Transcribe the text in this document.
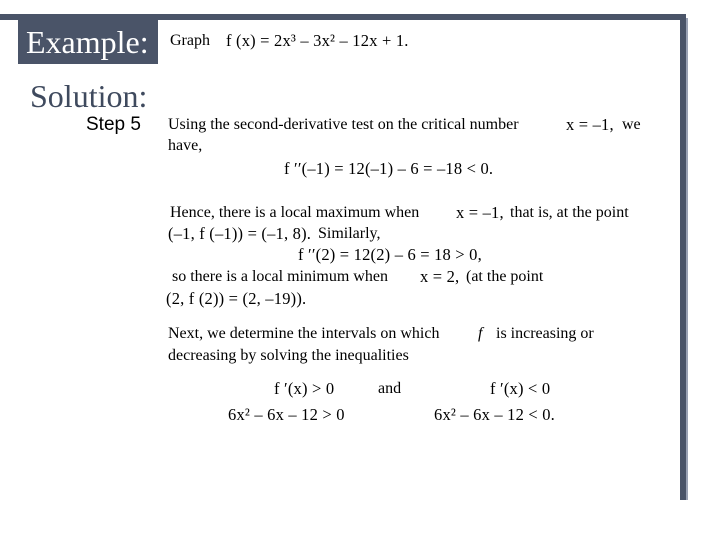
Example: Graph f (x) = 2x³ – 3x² – 12x + 1.
Solution:
Step 5 Using the second-derivative test on the critical number	x = –1, we
have,
f ′′(–1) = 12(–1) – 6 = –18 < 0.
Hence, there is a local maximum when x = –1, that is, at the point
(–1, f (–1)) = (–1, 8). Similarly,
f ′′(2) = 12(2) – 6 = 18 > 0,
so there is a local minimum when x = 2, (at the point
(2, f (2)) = (2, –19)).
Next, we determine the intervals on which f is increasing or
decreasing by solving the inequalities
f ′(x) > 0	and	f ′(x) < 0
6x² – 6x – 12 > 0	6x² – 6x – 12 < 0.
